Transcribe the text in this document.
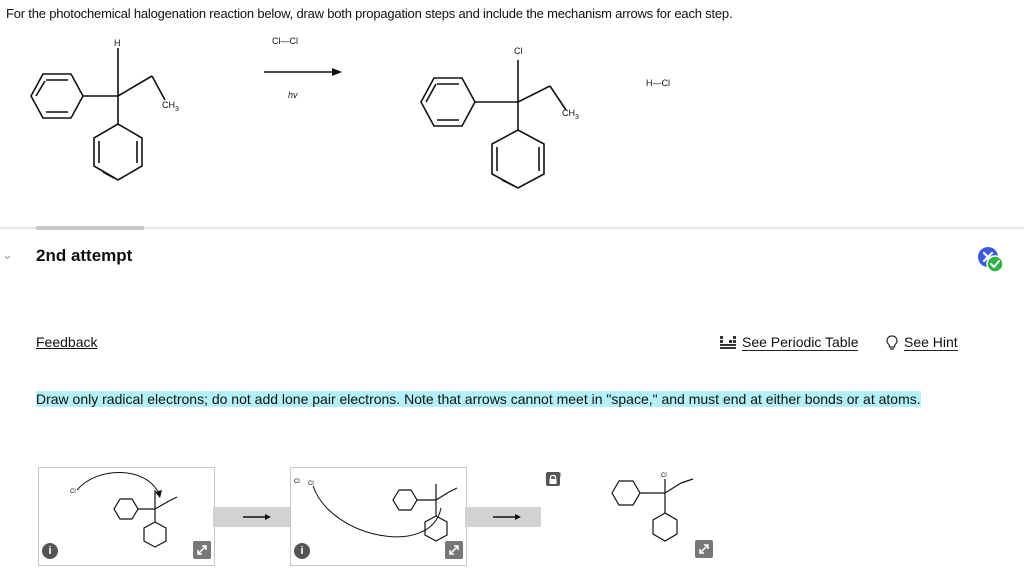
For the photochemical halogenation reaction below, draw both propagation steps and include the mechanism arrows for each step.
H
$CH_3$
Cl—Cl
hv
Cl
$CH_3$
H—Cl
⌄ 2nd attempt
Feedback	See Periodic Table	See Hint
Draw only radical electrons; do not add lone pair electrons. Note that arrows cannot meet in "space," and must end at either bonds or at atoms.
Cl
i
Cl Cl
i
Cl
